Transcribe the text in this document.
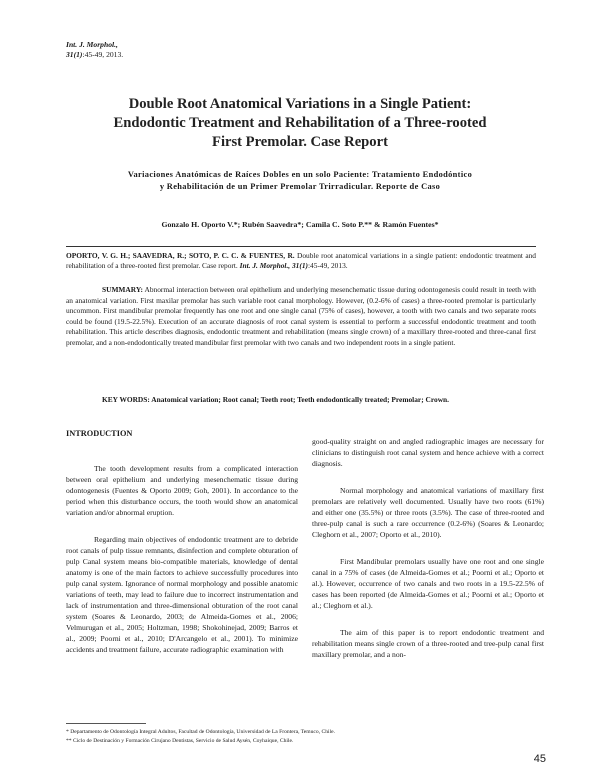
Int. J. Morphol.,
31(1):45-49, 2013.
Double Root Anatomical Variations in a Single Patient:
Endodontic Treatment and Rehabilitation of a Three-rooted
First Premolar. Case Report
Variaciones Anatómicas de Raíces Dobles en un solo Paciente: Tratamiento Endodóntico
y Rehabilitación de un Primer Premolar Trirradicular. Reporte de Caso
Gonzalo H. Oporto V.*; Rubén Saavedra*; Camila C. Soto P.** & Ramón Fuentes*
OPORTO, V. G. H.; SAAVEDRA, R.; SOTO, P. C. C. & FUENTES, R. Double root anatomical variations in a single patient: endodontic treatment and rehabilitation of a three-rooted first premolar. Case report. Int. J. Morphol., 31(1):45-49, 2013.

SUMMARY: Abnormal interaction between oral epithelium and underlying mesenchematic tissue during odontogenesis could result in teeth with an anatomical variation. First maxilar premolar has such variable root canal morphology. However, (0.2-6% of cases) a three-rooted premolar is particularly uncommon. First mandibular premolar frequently has one root and one single canal (75% of cases), however, a tooth with two canals and two separate roots could be found (19.5-22.5%). Execution of an accurate diagnosis of root canal system is essential to perform a successful endodontic treatment and tooth rehabilitation. This article describes diagnosis, endodontic treatment and rehabilitation (means single crown) of a maxillary three-rooted and three-canal first premolar, and a non-endodontically treated mandibular first premolar with two canals and two independent roots in a single patient.

KEY WORDS: Anatomical variation; Root canal; Teeth root; Teeth endodontically treated; Premolar; Crown.

INTRODUCTION

The tooth development results from a complicated interaction between oral epithelium and underlying mesenchematic tissue during odontogenesis (Fuentes & Oporto 2009; Goh, 2001). In accordance to the period when this disturbance occurs, the tooth would show an anatomical variation and/or abnormal eruption.

Regarding main objectives of endodontic treatment are to debride root canals of pulp tissue remnants, disinfection and complete obturation of pulp Canal system means bio-compatible materials, knowledge of dental anatomy is one of the main factors to achieve successfully procedures into pulp canal system. Ignorance of normal morphology and possible anatomic variations of teeth, may lead to failure due to incorrect instrumentation and lack of instrumentation and three-dimensional obturation of the root canal system (Soares & Leonardo, 2003; de Almeida-Gomes et al., 2006; Velmurugan et al., 2005; Holtzman, 1998; Shokohinejad, 2009; Barros et al., 2009; Poorni et al., 2010; D'Arcangelo et al., 2001). To minimize accidents and treatment failure, accurate radiographic examination with

good-quality straight on and angled radiographic images are necessary for clinicians to distinguish root canal system and hence achieve with a correct diagnosis.

Normal morphology and anatomical variations of maxillary first premolars are relatively well documented. Usually have two roots (61%) and either one (35.5%) or three roots (3.5%). The case of three-rooted and three-pulp canal is such a rare occurrence (0.2-6%) (Soares & Leonardo; Cleghorn et al., 2007; Oporto et al., 2010).

First Mandibular premolars usually have one root and one single canal in a 75% of cases (de Almeida-Gomes et al.; Poorni et al.; Oporto et al.). However, occurrence of two canals and two roots in a 19.5-22.5% of cases has been reported (de Almeida-Gomes et al.; Poorni et al.; Oporto et al.; Cleghorn et al.).

The aim of this paper is to report endodontic treatment and rehabilitation means single crown of a three-rooted and tree-pulp canal first maxillary premolar, and a non-

* Departamento de Odontología Integral Adultos, Facultad de Odontología, Universidad de La Frontera, Temuco, Chile.
** Ciclo de Destinación y Formación Cirujano Dentistas, Servicio de Salud Aysén, Coyhaique, Chile.
45
